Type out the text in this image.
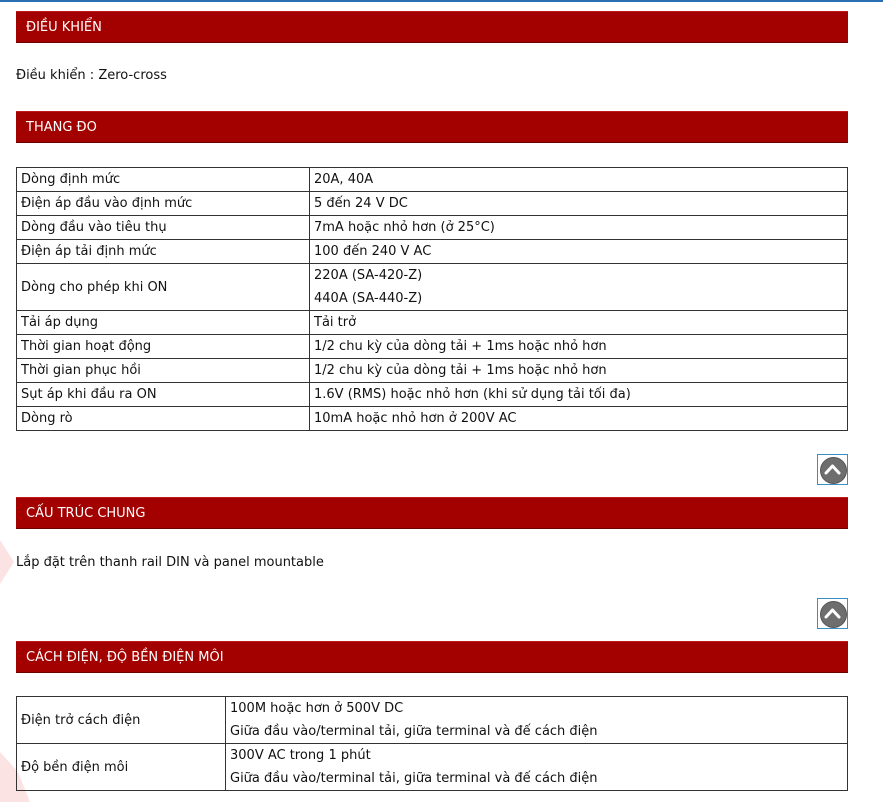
ĐIỀU KHIỂN
Điều khiển : Zero-cross
THANG ĐO
Dòng định mức	20A, 40A

Điện áp đầu vào định mức	5 đến 24 V DC

Dòng đầu vào tiêu thụ	7mA hoặc nhỏ hơn (ở 25°C)

Điện áp tải định mức	100 đến 240 V AC

Dòng cho phép khi ON	220A (SA-420-Z)
440A (SA-440-Z)

Tải áp dụng	Tải trở

Thời gian hoạt động	1/2 chu kỳ của dòng tải + 1ms hoặc nhỏ hơn

Thời gian phục hồi	1/2 chu kỳ của dòng tải + 1ms hoặc nhỏ hơn

Sụt áp khi đầu ra ON	1.6V (RMS) hoặc nhỏ hơn (khi sử dụng tải tối đa)

Dòng rò	10mA hoặc nhỏ hơn ở 200V AC
CẤU TRÚC CHUNG
Lắp đặt trên thanh rail DIN và panel mountable
CÁCH ĐIỆN, ĐỘ BỀN ĐIỆN MÔI
Điện trở cách điện	100M hoặc hơn ở 500V DC
Giữa đầu vào/terminal tải, giữa terminal và đế cách điện

Độ bền điện môi	300V AC trong 1 phút
Giữa đầu vào/terminal tải, giữa terminal và đế cách điện
